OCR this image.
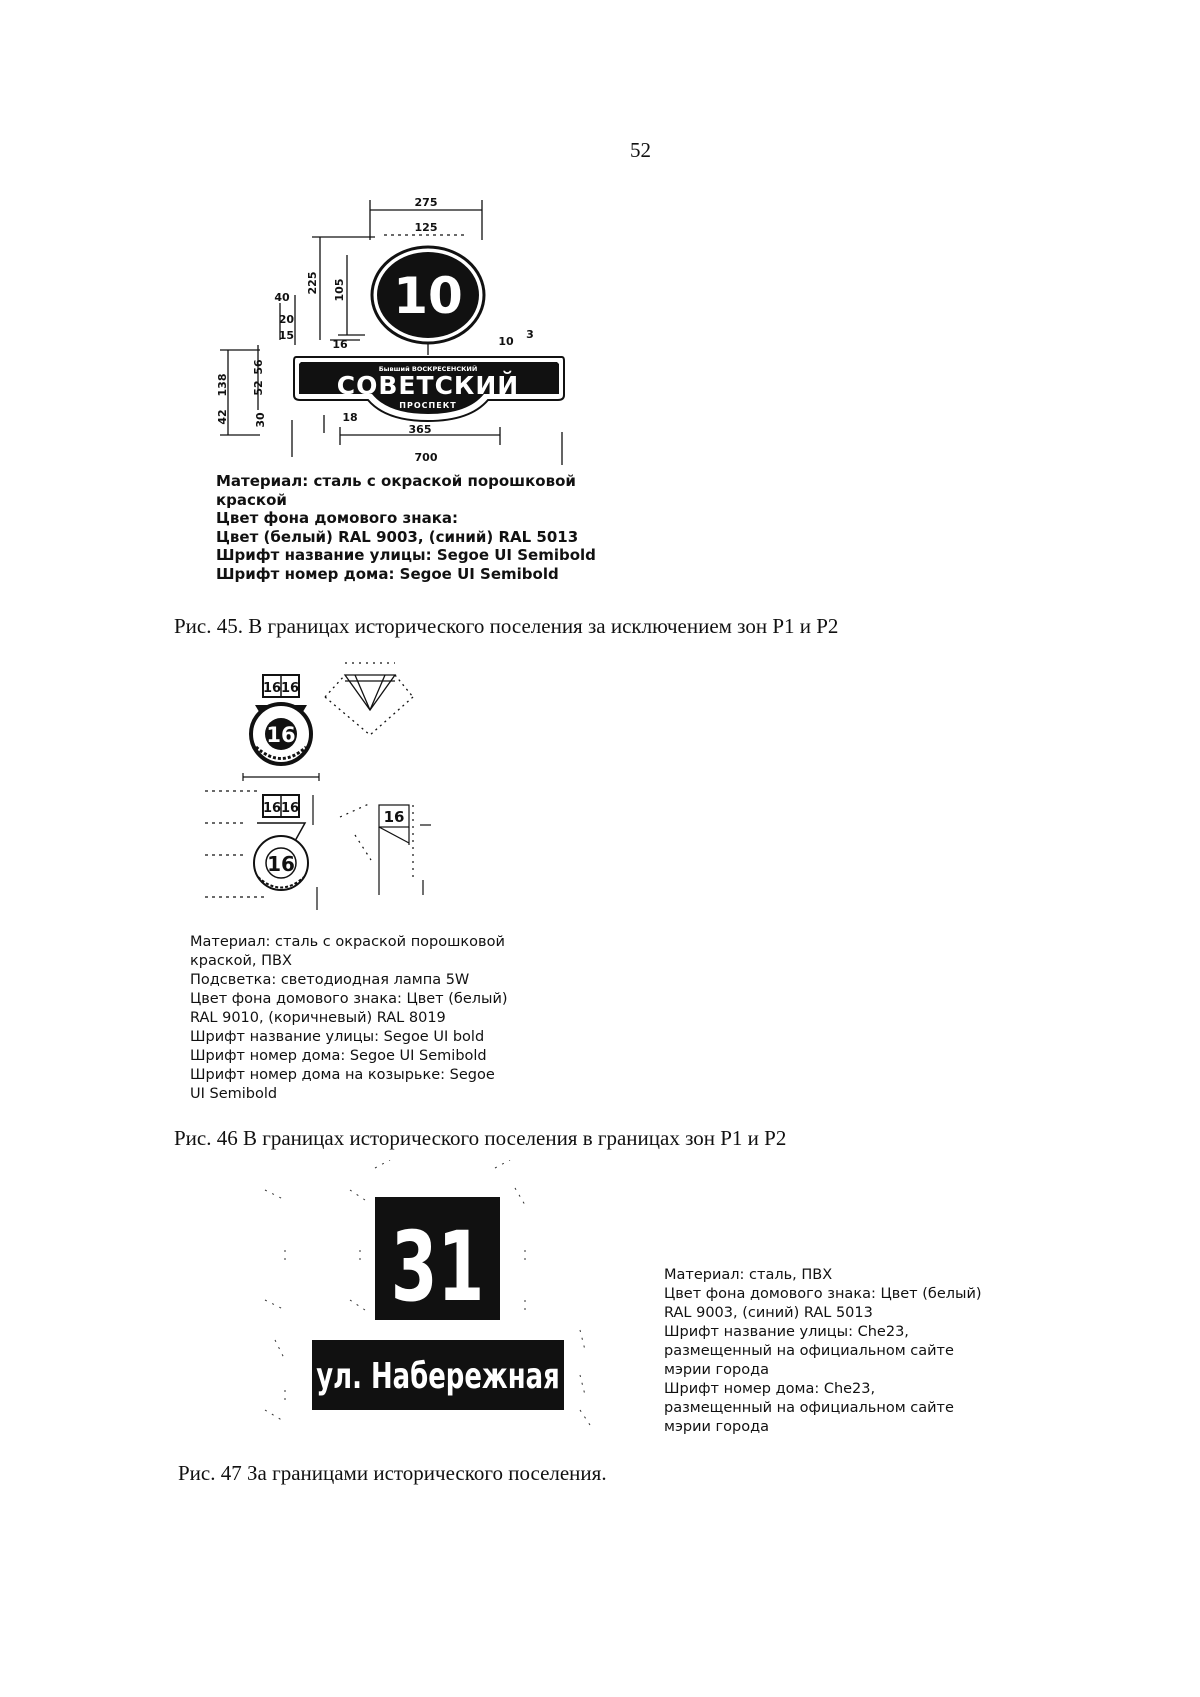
52
10
Бывший ВОСКРЕСЕНСКИЙ
СОВЕТСКИЙ
ПРОСПЕКТ
275
125
225 105
40
20
15
16	10
3
138
56
52
42 30	18
365
700
Материал: сталь с окраской порошковой
краской
Цвет фона домового знака:
Цвет (белый) RAL 9003, (синий) RAL 5013
Шрифт название улицы: Segoe UI Semibold
Шрифт номер дома: Segoe UI Semibold
Рис. 45. В границах исторического поселения за исключением зон Р1 и Р2
16 16
16
16 16
16
16
Материал: сталь с окраской порошковой
краской, ПВХ
Подсветка: светодиодная лампа 5W
Цвет фона домового знака: Цвет (белый)
RAL 9010, (коричневый) RAL 8019
Шрифт название улицы: Segoe UI bold
Шрифт номер дома: Segoe UI Semibold
Шрифт номер дома на козырьке: Segoe
UI Semibold
Рис. 46 В границах исторического поселения в границах зон Р1 и Р2
31
ул. Набережная
Материал: сталь, ПВХ
Цвет фона домового знака: Цвет (белый)
RAL 9003, (синий) RAL 5013
Шрифт название улицы: Che23,
размещенный на официальном сайте
мэрии города
Шрифт номер дома: Che23,
размещенный на официальном сайте
мэрии города
Рис. 47 За границами исторического поселения.
